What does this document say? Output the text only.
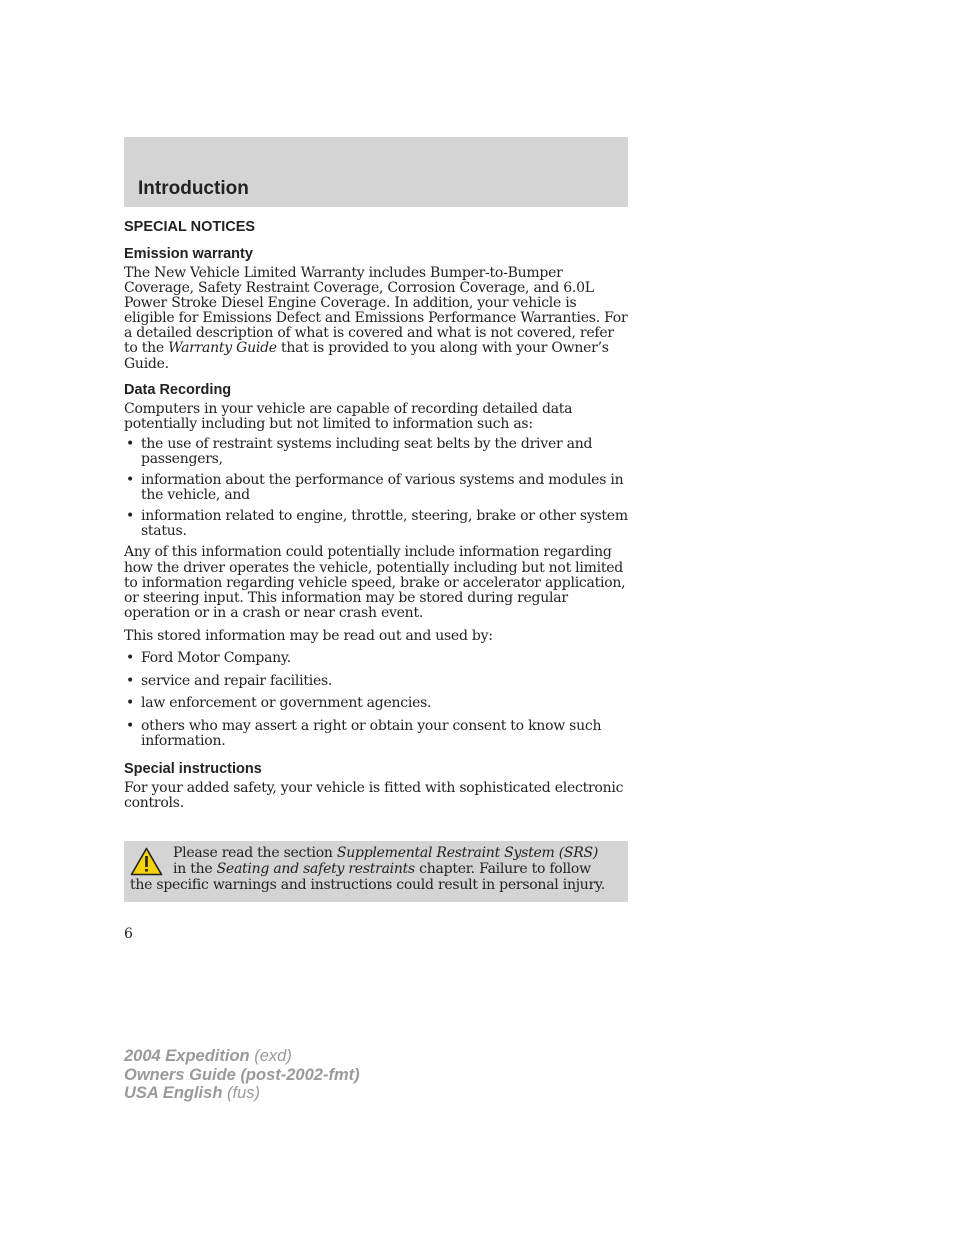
Introduction
SPECIAL NOTICES
Emission warranty

The New Vehicle Limited Warranty includes Bumper-to-Bumper Coverage, Safety Restraint Coverage, Corrosion Coverage, and 6.0L Power Stroke Diesel Engine Coverage. In addition, your vehicle is eligible for Emissions Defect and Emissions Performance Warranties. For a detailed description of what is covered and what is not covered, refer to the Warranty Guide that is provided to you along with your Owner’s Guide.

Data Recording

Computers in your vehicle are capable of recording detailed data potentially including but not limited to information such as:

• the use of restraint systems including seat belts by the driver and passengers,
• information about the performance of various systems and modules in the vehicle, and
• information related to engine, throttle, steering, brake or other system status.

Any of this information could potentially include information regarding how the driver operates the vehicle, potentially including but not limited to information regarding vehicle speed, brake or accelerator application, or steering input. This information may be stored during regular operation or in a crash or near crash event.

This stored information may be read out and used by:

• Ford Motor Company.
• service and repair facilities.
• law enforcement or government agencies.
• others who may assert a right or obtain your consent to know such information.
Special instructions

For your added safety, your vehicle is fitted with sophisticated electronic controls.

Please read the section Supplemental Restraint System (SRS)
in the Seating and safety restraints chapter. Failure to follow
the specific warnings and instructions could result in personal injury.
6
2004 Expedition (exd)
Owners Guide (post-2002-fmt)
USA English (fus)
